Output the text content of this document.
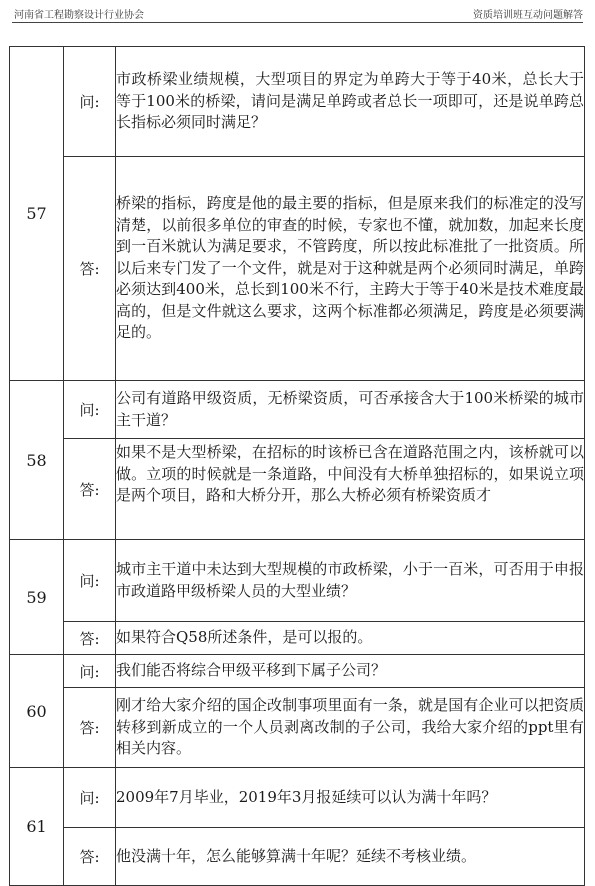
河南省工程勘察设计行业协会	资质培训班互动问题解答
57	问:	市政桥梁业绩规模，大型项目的界定为单跨大于等于40米，总长大于等于100米的桥梁，请问是满足单跨或者总长一项即可，还是说单跨总长指标必须同时满足？
	答:	桥梁的指标，跨度是他的最主要的指标，但是原来我们的标准定的没写清楚，以前很多单位的审查的时候，专家也不懂，就加数，加起来长度到一百米就认为满足要求，不管跨度，所以按此标准批了一批资质。所以后来专门发了一个文件，就是对于这种就是两个必须同时满足，单跨必须达到400米，总长到100米不行，主跨大于等于40米是技术难度最高的，但是文件就这么要求，这两个标准都必须满足，跨度是必须要满足的。
58	问:	公司有道路甲级资质，无桥梁资质，可否承接含大于100米桥梁的城市主干道？
	答:	如果不是大型桥梁，在招标的时该桥已含在道路范围之内，该桥就可以做。立项的时候就是一条道路，中间没有大桥单独招标的，如果说立项是两个项目，路和大桥分开，那么大桥必须有桥梁资质才

59	问:	城市主干道中未达到大型规模的市政桥梁，小于一百米，可否用于申报市政道路甲级桥梁人员的大型业绩？
	答:	如果符合Q58所述条件，是可以报的。
60	问:	我们能否将综合甲级平移到下属子公司？
	答:	刚才给大家介绍的国企改制事项里面有一条，就是国有企业可以把资质转移到新成立的一个人员剥离改制的子公司，我给大家介绍的ppt里有相关内容。
61	问:	2009年7月毕业，2019年3月报延续可以认为满十年吗？
	答:	他没满十年，怎么能够算满十年呢？延续不考核业绩。
